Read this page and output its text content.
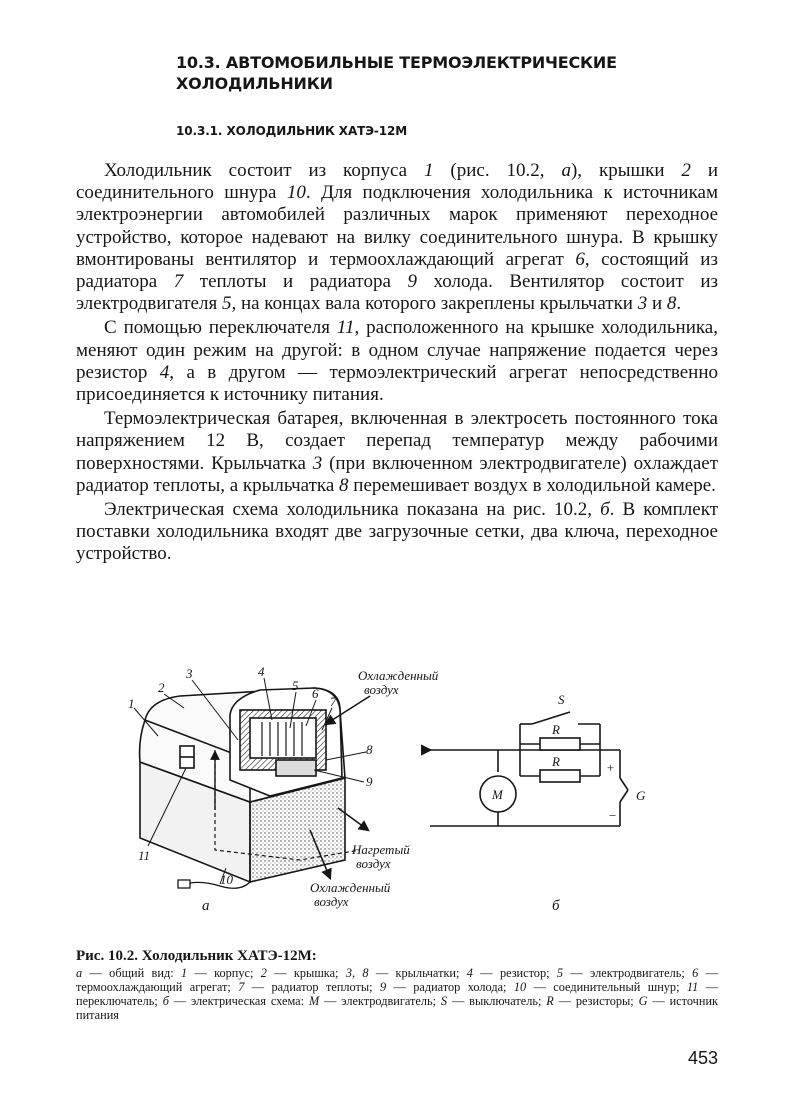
10.3. АВТОМОБИЛЬНЫЕ ТЕРМОЭЛЕКТРИЧЕСКИЕ
ХОЛОДИЛЬНИКИ
10.3.1. ХОЛОДИЛЬНИК ХАТЭ-12М

Холодильник состоит из корпуса 1 (рис. 10.2, а), крышки 2 и соединительного шнура 10. Для подключения холодильника к источникам электроэнергии автомобилей различных марок применяют переходное устройство, которое надевают на вилку соединительного шнура. В крышку вмонтированы вентилятор и термоохлаждающий агрегат 6, состоящий из радиатора 7 теплоты и радиатора 9 холода. Вентилятор состоит из электродвигателя 5, на концах вала которого закреплены крыльчатки 3 и 8.

С помощью переключателя 11, расположенного на крышке холодильника, меняют один режим на другой: в одном случае напряжение подается через резистор 4, а в другом — термоэлектрический агрегат непосредственно присоединяется к источнику питания.

Термоэлектрическая батарея, включенная в электросеть постоянного тока напряжением 12 В, создает перепад температур между рабочими поверхностями. Крыльчатка 3 (при включенном электродвигателе) охлаждает радиатор теплоты, а крыльчатка 8 перемешивает воздух в холодильной камере.

Электрическая схема холодильника показана на рис. 10.2, б. В комплект поставки холодильника входят две загрузочные сетки, два ключа, переходное устройство.

1
2
3	4
5
6
7
8
9
10
11
Охлажденный
воздух
Нагретый
воздух
Охлажденный
воздух
а
S
R
R
M	G
+
−
б
Рис. 10.2. Холодильник ХАТЭ-12М:
а — общий вид: 1 — корпус; 2 — крышка; 3, 8 — крыльчатки; 4 — резистор; 5 — электродвигатель; 6 — термоохлаждающий агрегат; 7 — радиатор теплоты; 9 — радиатор холода; 10 — соединительный шнур; 11 — переключатель; б — электрическая схема: M — электродвигатель; S — выключатель; R — резисторы; G — источник питания
453
